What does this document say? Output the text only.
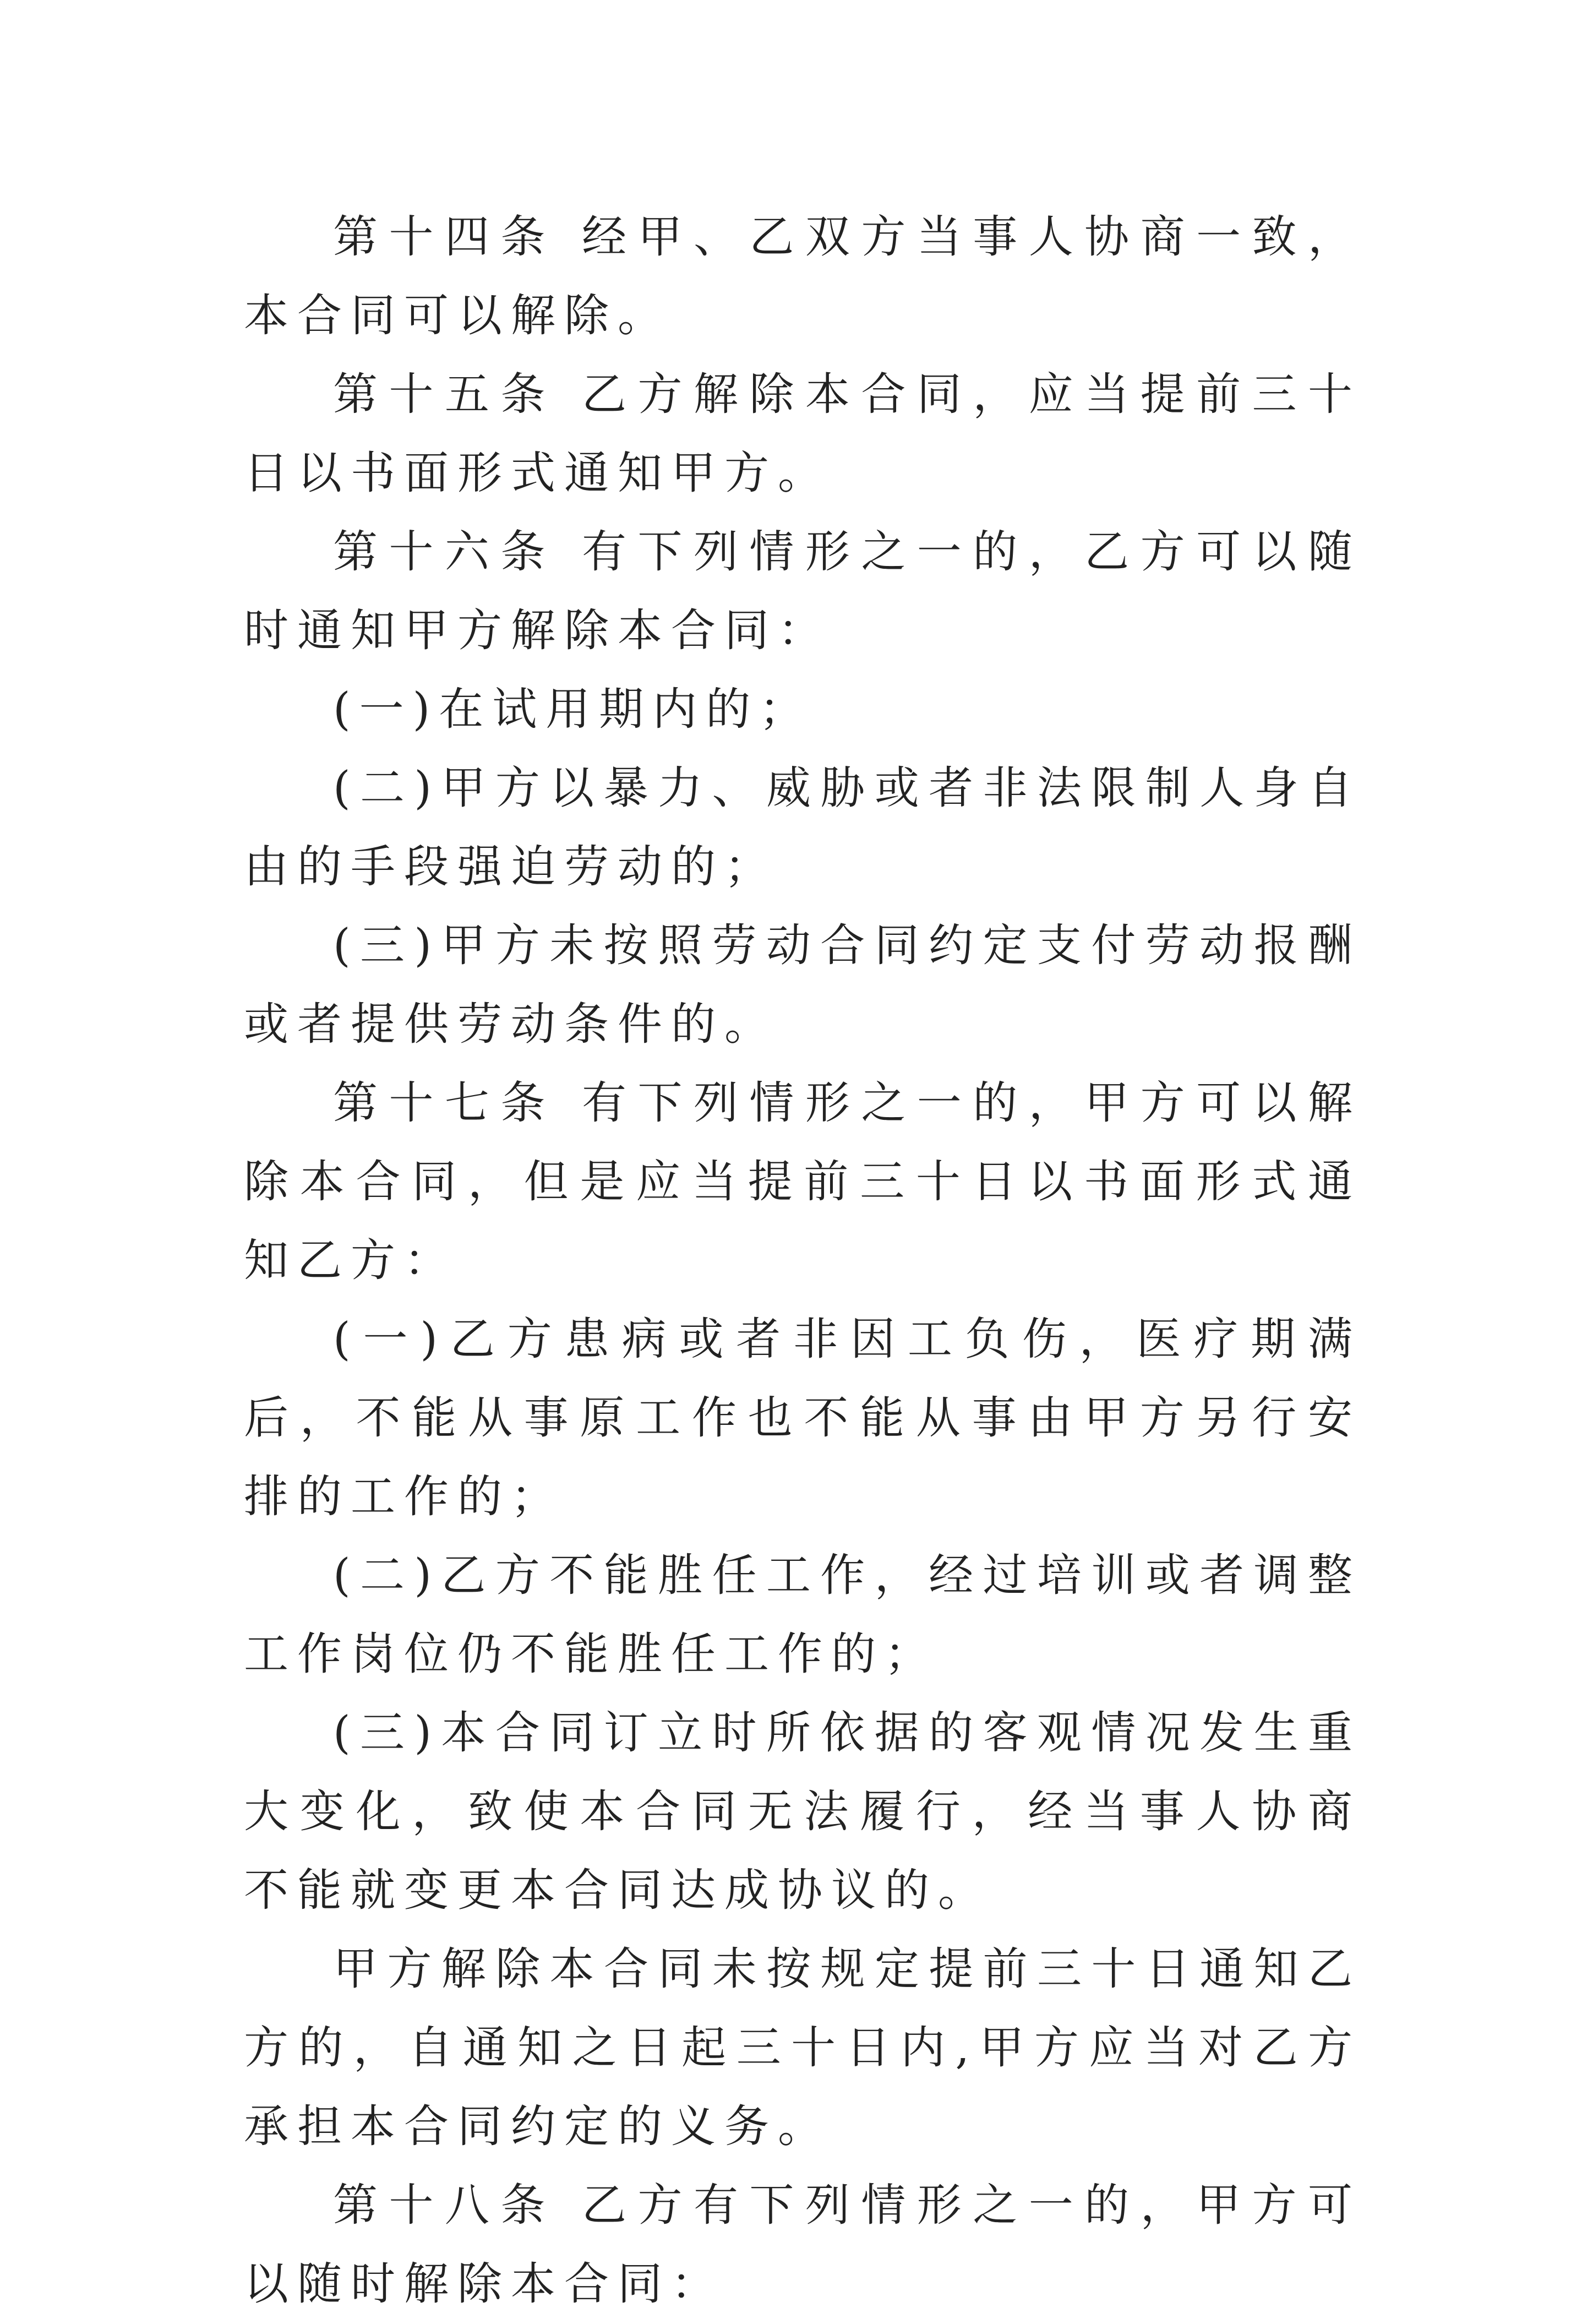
第十四条 经甲、乙双方当事人协商一致，本合同可以解除。

第十五条 乙方解除本合同，应当提前三十日以书面形式通知甲方。

第十六条 有下列情形之一的，乙方可以随时通知甲方解除本合同：

(一)在试用期内的；

(二)甲方以暴力、威胁或者非法限制人身自由的手段强迫劳动的；

(三)甲方未按照劳动合同约定支付劳动报酬或者提供劳动条件的。

第十七条 有下列情形之一的，甲方可以解除本合同，但是应当提前三十日以书面形式通知乙方：

(一)乙方患病或者非因工负伤，医疗期满后，不能从事原工作也不能从事由甲方另行安排的工作的；

(二)乙方不能胜任工作，经过培训或者调整工作岗位仍不能胜任工作的；

(三)本合同订立时所依据的客观情况发生重大变化，致使本合同无法履行，经当事人协商不能就变更本合同达成协议的。

甲方解除本合同未按规定提前三十日通知乙方的，自通知之日起三十日内,甲方应当对乙方承担本合同约定的义务。

第十八条 乙方有下列情形之一的，甲方可以随时解除本合同：
